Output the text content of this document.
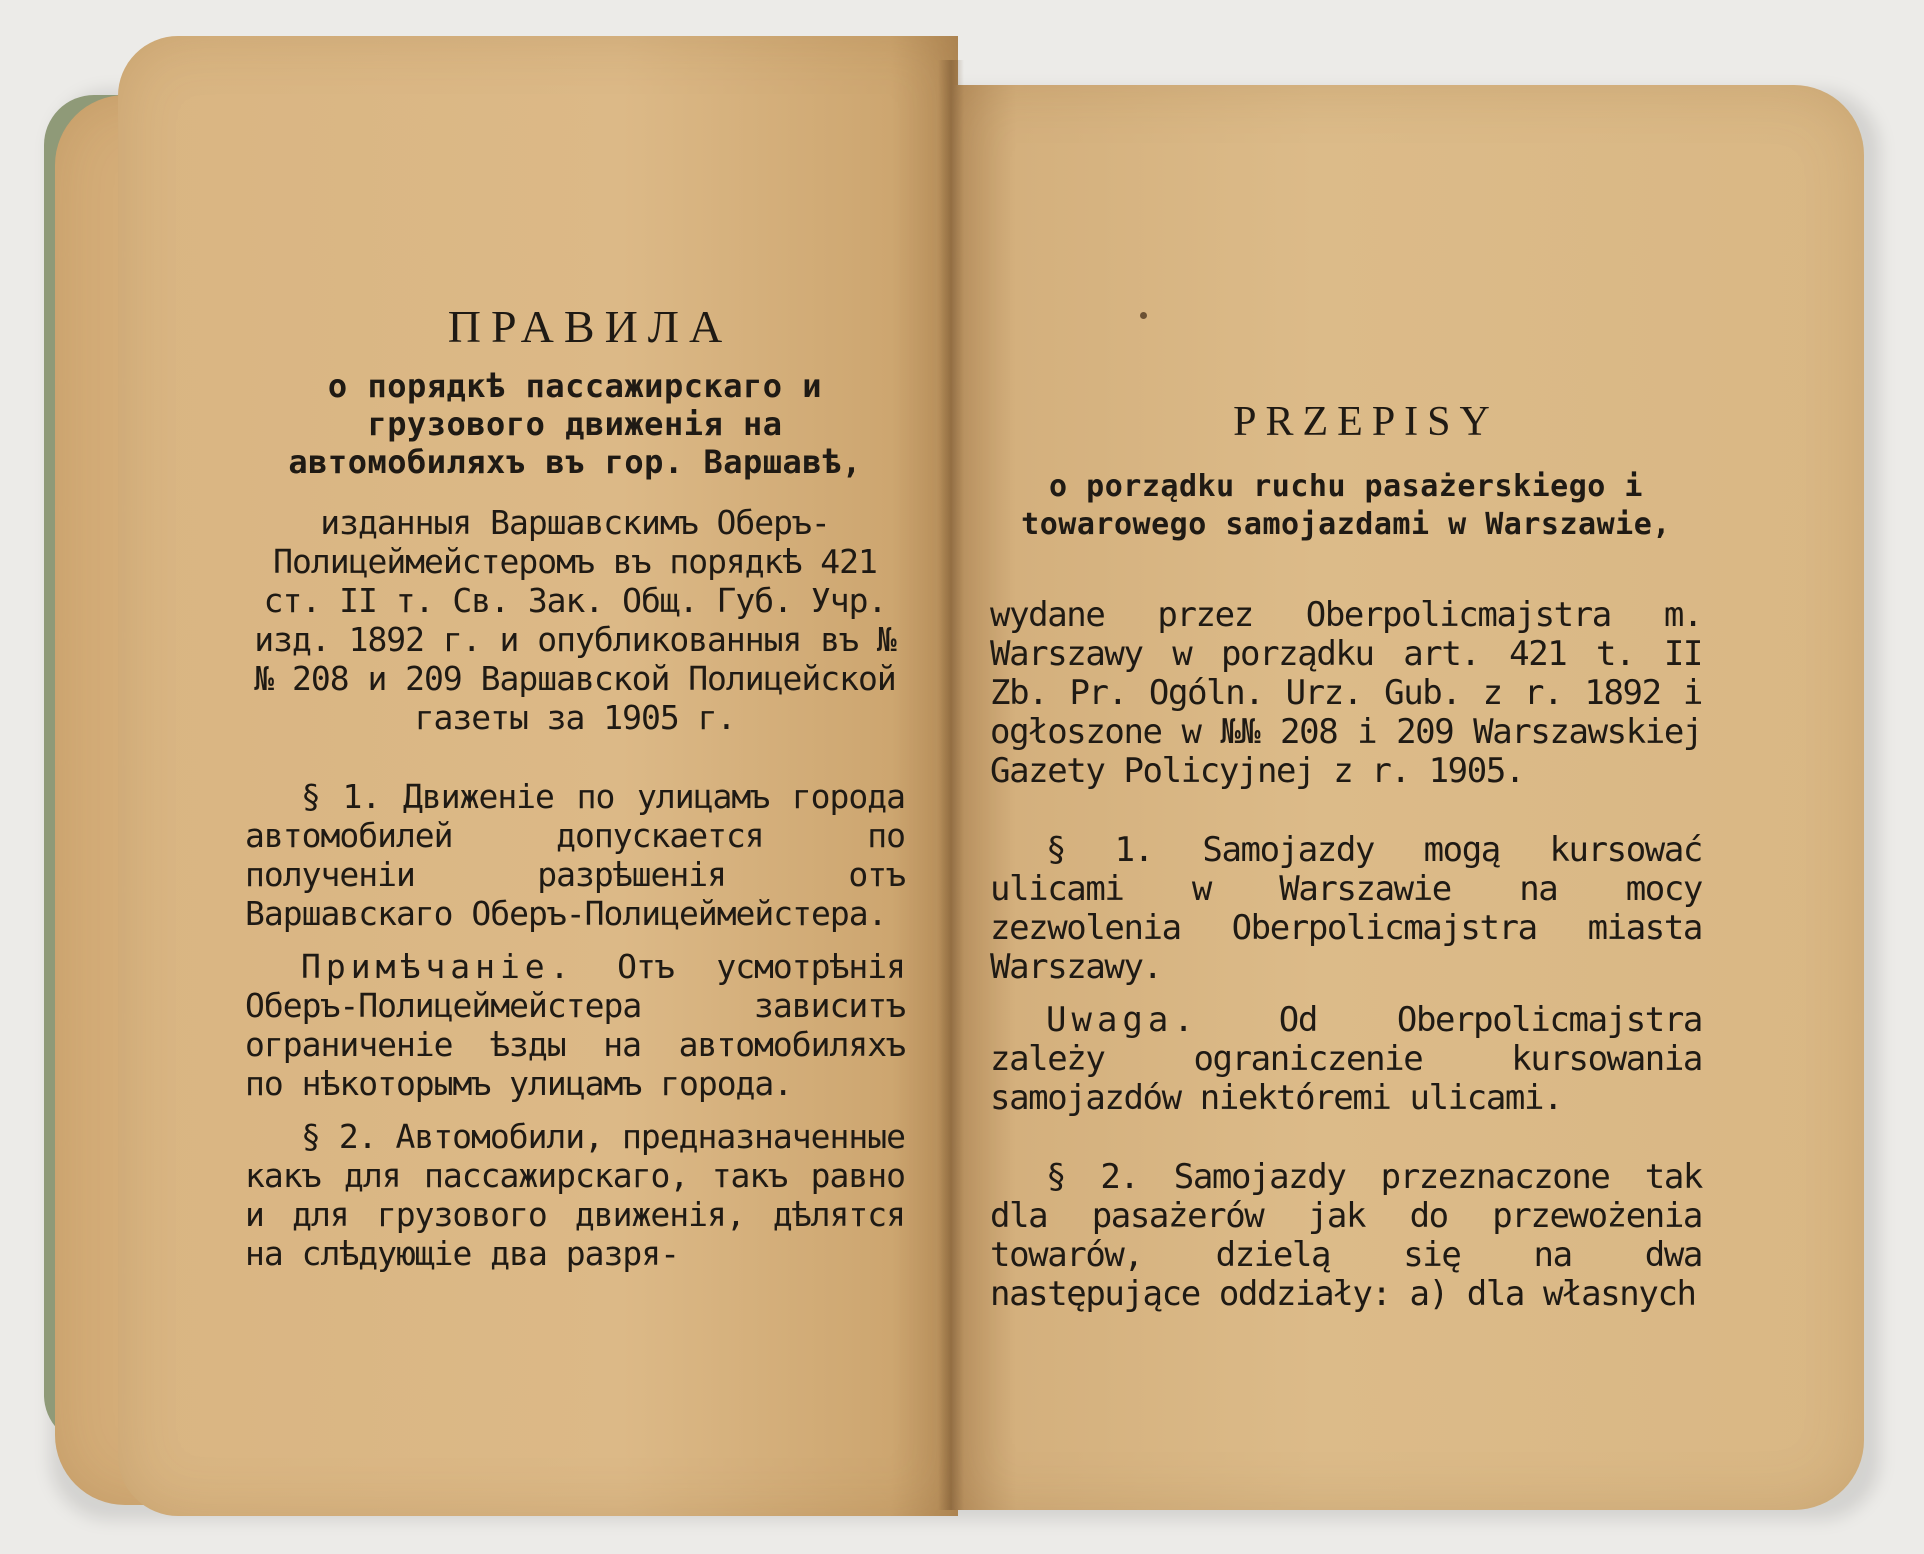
ПРАВИЛА

о порядкѣ пассажирскаго и грузового движенія на автомобиляхъ въ гор. Варшавѣ,

изданныя Варшавскимъ Оберъ-Полицеймейстеромъ въ порядкѣ 421 ст. II т. Св. Зак. Общ. Губ. Учр. изд. 1892 г. и опубликованныя въ №№ 208 и 209 Варшавской Полицейской газеты за 1905 г.

§ 1. Движеніе по улицамъ города автомобилей допускается по полученіи разрѣшенія отъ Варшавскаго Оберъ-Полицеймейстера.

Примѣчаніе. Отъ усмотрѣнія Оберъ-Полицеймейстера зависитъ ограниченіе ѣзды на автомобиляхъ по нѣкоторымъ улицамъ города.

§ 2. Автомобили, предназначенные какъ для пассажирскаго, такъ равно и для грузового движенія, дѣлятся на слѣдующіе два разря-

PRZEPISY

o porządku ruchu pasażerskiego i towarowego samojazdami w Warszawie,

wydane przez Oberpolicmajstra m. Warszawy w porządku art. 421 t. II Zb. Pr. Ogóln. Urz. Gub. z r. 1892 i ogłoszone w №№ 208 i 209 Warszawskiej Gazety Policyjnej z r. 1905.

§ 1. Samojazdy mogą kursować ulicami w Warszawie na mocy zezwolenia Oberpolicmajstra miasta Warszawy.

Uwaga. Od Oberpolicmajstra zależy ograniczenie kursowania samojazdów niektóremi ulicami.

§ 2. Samojazdy przeznaczone tak dla pasażerów jak do przewożenia towarów, dzielą się na dwa następujące oddziały: a) dla własnych
